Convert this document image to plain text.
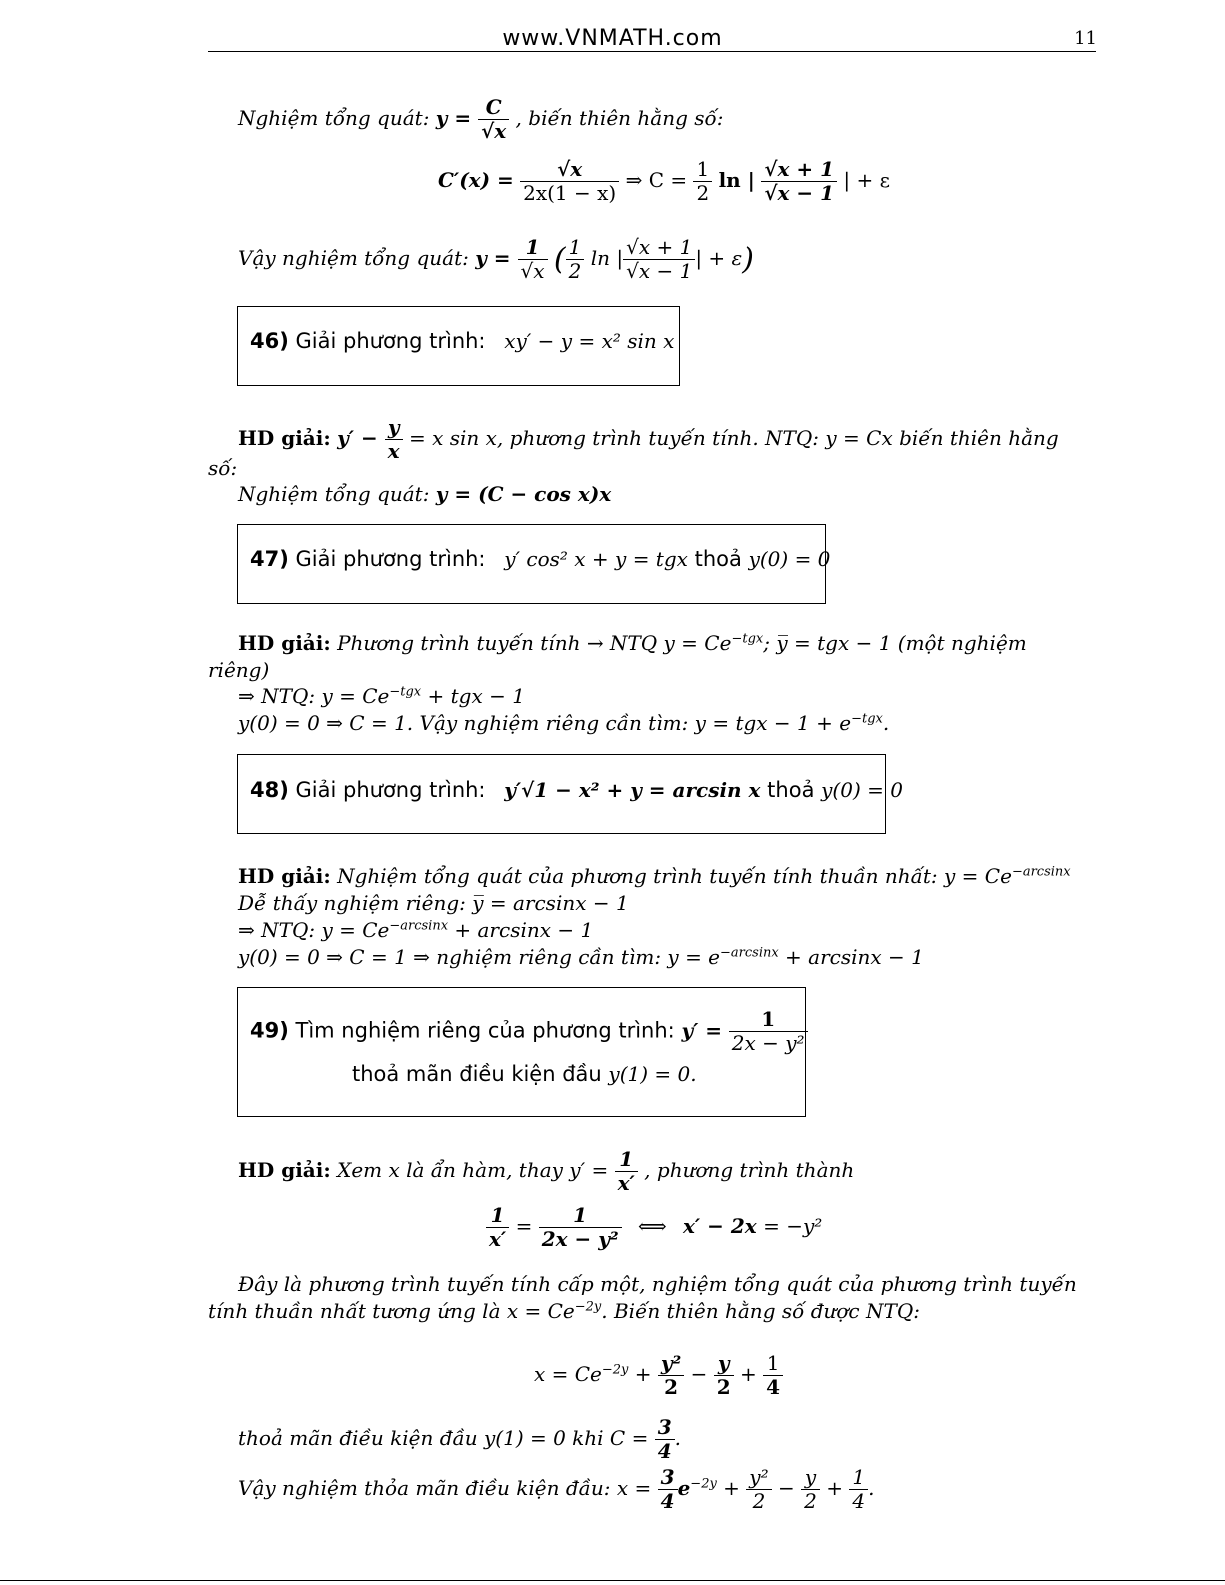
www.VNMATH.com	11
Nghiệm tổng quát: $y = \frac{C}{√x}$ , biến thiên hằng số:
$C'(x) = \frac{√x}{2x(1 - x)}$ ⇒ $C = \frac{1}{2}$ ln | $\frac{√x + 1}{√x - 1}$ | + ε
Vậy nghiệm tổng quát: $y = \frac{1}{√x}$ ( $\frac{1}{2}$ ln | $\frac{√x + 1}{√x - 1}$ | + ε)
46) Giải phương trình: xy′ − y = x² sin x
HD giải: $y' - \frac{y}{x} = x$ sin x, phương trình tuyến tính. NTQ: y = Cx biến thiên hằng
số:
Nghiệm tổng quát: y = (C − cos x)x
47) Giải phương trình: y′ cos² x + y = tgx thoả y(0) = 0
HD giải: Phương trình tuyến tính → NTQ $y = Ce^{-tgx}$; y̅ = tgx − 1 (một nghiệm
riêng)
⇒ NTQ: $y = Ce^{-tgx}$ + tgx − 1
y(0) = 0 ⇒ C = 1. Vậy nghiệm riêng cần tìm: y = tgx − $1 + e^{-tgx}$.
48) Giải phương trình: y′√1 − x² + y = arcsin x thoả y(0) = 0
HD giải: Nghiệm tổng quát của phương trình tuyến tính thuần nhất: $y = Ce^{-arcsinx}$
Dễ thấy nghiệm riêng: y̅ = arcsinx − 1
⇒ NTQ: $y = Ce^{-arcsinx} + \arcsin x - 1$
y(0) = 0 ⇒ C = 1 ⇒ nghiệm riêng cần tìm: $y = e^{-arcsinx} + \arcsin x - 1$
49) Tìm nghiệm riêng của phương trình: $y' = \frac{1}{\text{2x − y²}}$
thoả mãn điều kiện đầu y(1) = 0.
HD giải: Xem x là ẩn hàm, thay $y' = \frac{1}{x'}$ , phương trình thành
$\frac{1}{x'} = \frac{1}{\text{2x − y²}}$ ⟺ x′ − 2x = −y²
Đây là phương trình tuyến tính cấp một, nghiệm tổng quát của phương trình tuyến
tính thuần nhất tương ứng là $x = Ce^{-2y}$. Biến thiên hằng số được NTQ:
$x = Ce^{-2y} + \frac{\text{y²}}{2} - \frac{y}{2} + \frac{1}{4}$
thoả mãn điều kiện đầu y(1) = 0 khi $C = \frac{3}{4}$ .
Vậy nghiệm thỏa mãn điều kiện đầu: $x = \frac{3}{4} e^{-2y} + \frac{\text{y²}}{2} - \frac{y}{2} + \frac{1}{4}$ .
